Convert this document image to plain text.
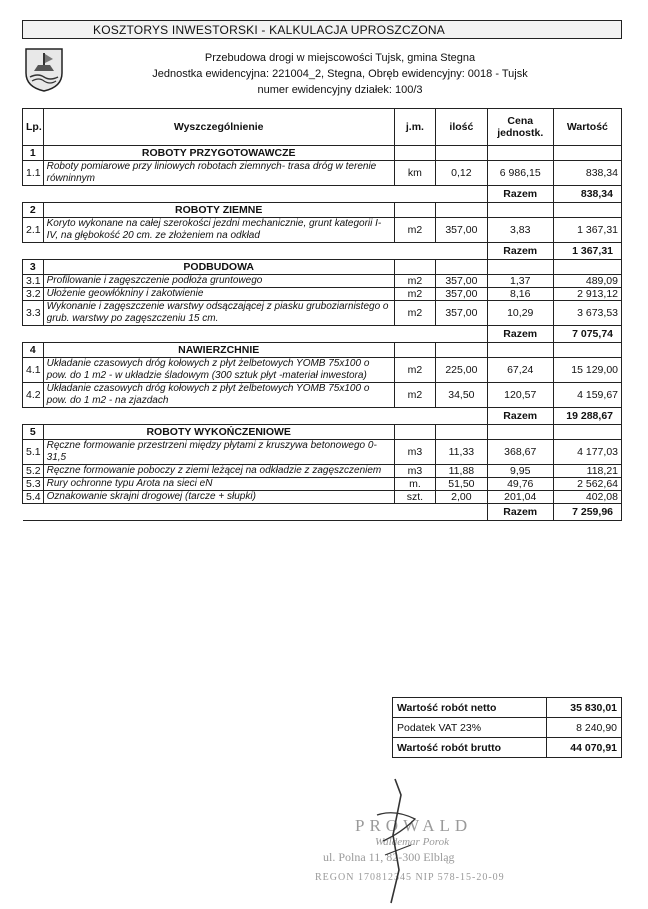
KOSZTORYS INWESTORSKI - KALKULACJA UPROSZCZONA
Przebudowa drogi w miejscowości Tujsk, gmina Stegna
Jednostka ewidencyjna: 221004_2, Stegna, Obręb ewidencyjny: 0018 - Tujsk
numer ewidencyjny działek: 100/3
Lp.	Wyszczególnienie	j.m.	ilość	Cena jednostk.	Wartość
1	ROBOTY PRZYGOTOWAWCZE				
1.1	Roboty pomiarowe przy liniowych robotach ziemnych- trasa dróg w terenie równinnym	km	0,12	6 986,15	838,34
				Razem	838,34
2	ROBOTY ZIEMNE				
2.1	Koryto wykonane na całej szerokości jezdni mechanicznie, grunt kategorii I-IV, na głębokość 20 cm. ze złożeniem na odkład	m2	357,00	3,83	1 367,31
				Razem	1 367,31
3	PODBUDOWA				
3.1	Profilowanie i zagęszczenie podłoża gruntowego	m2	357,00	1,37	489,09
3.2	Ułożenie geowłókniny i zakotwienie	m2	357,00	8,16	2 913,12
3.3	Wykonanie i zagęszczenie warstwy odsączającej z piasku gruboziarnistego o grub. warstwy po zagęszczeniu 15 cm.	m2	357,00	10,29	3 673,53
				Razem	7 075,74
4	NAWIERZCHNIE				
4.1	Układanie czasowych dróg kołowych z płyt żelbetowych YOMB 75x100 o pow. do 1 m2 - w układzie śladowym (300 sztuk płyt -materiał inwestora)	m2	225,00	67,24	15 129,00
4.2	Układanie czasowych dróg kołowych z płyt żelbetowych YOMB 75x100 o pow. do 1 m2 - na zjazdach	m2	34,50	120,57	4 159,67
				Razem	19 288,67
5	ROBOTY WYKOŃCZENIOWE				
5.1	Ręczne formowanie przestrzeni między płytami z kruszywa betonowego 0-31,5	m3	11,33	368,67	4 177,03
5.2	Ręczne formowanie poboczy z ziemi leżącej na odkładzie z zagęszczeniem	m3	11,88	9,95	118,21
5.3	Rury ochronne typu Arota na sieci eN	m.	51,50	49,76	2 562,64
5.4	Oznakowanie skrajni drogowej (tarcze + słupki)	szt.	2,00	201,04	402,08
				Razem	7 259,96
Wartość robót netto	35 830,01
Podatek VAT 23%	8 240,90
Wartość robót brutto	44 070,91
PROWALD
Waldemar Porok
ul. Polna 11, 82-300 Elbląg
REGON 170812345 NIP 578-15-20-09
